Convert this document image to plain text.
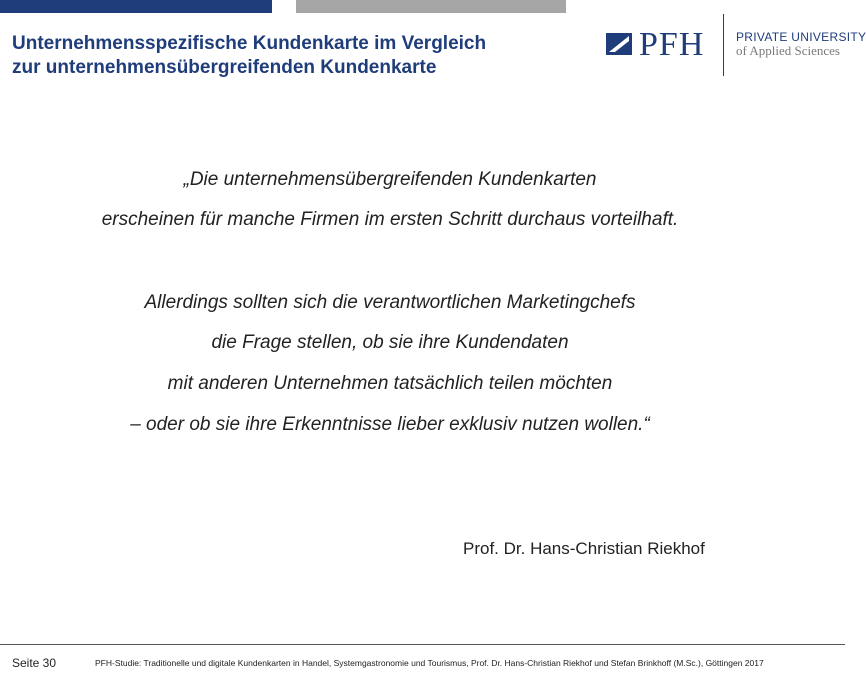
Unternehmensspezifische Kundenkarte im Vergleich
zur unternehmensübergreifenden Kundenkarte
PFH	PRIVATE UNIVERSITY
of Applied Sciences
„Die unternehmensübergreifenden Kundenkarten
erscheinen für manche Firmen im ersten Schritt durchaus vorteilhaft.
Allerdings sollten sich die verantwortlichen Marketingchefs
die Frage stellen, ob sie ihre Kundendaten
mit anderen Unternehmen tatsächlich teilen möchten
– oder ob sie ihre Erkenntnisse lieber exklusiv nutzen wollen.“
Prof. Dr. Hans-Christian Riekhof
Seite 30	PFH-Studie: Traditionelle und digitale Kundenkarten in Handel, Systemgastronomie und Tourismus, Prof. Dr. Hans-Christian Riekhof und Stefan Brinkhoff (M.Sc.), Göttingen 2017
